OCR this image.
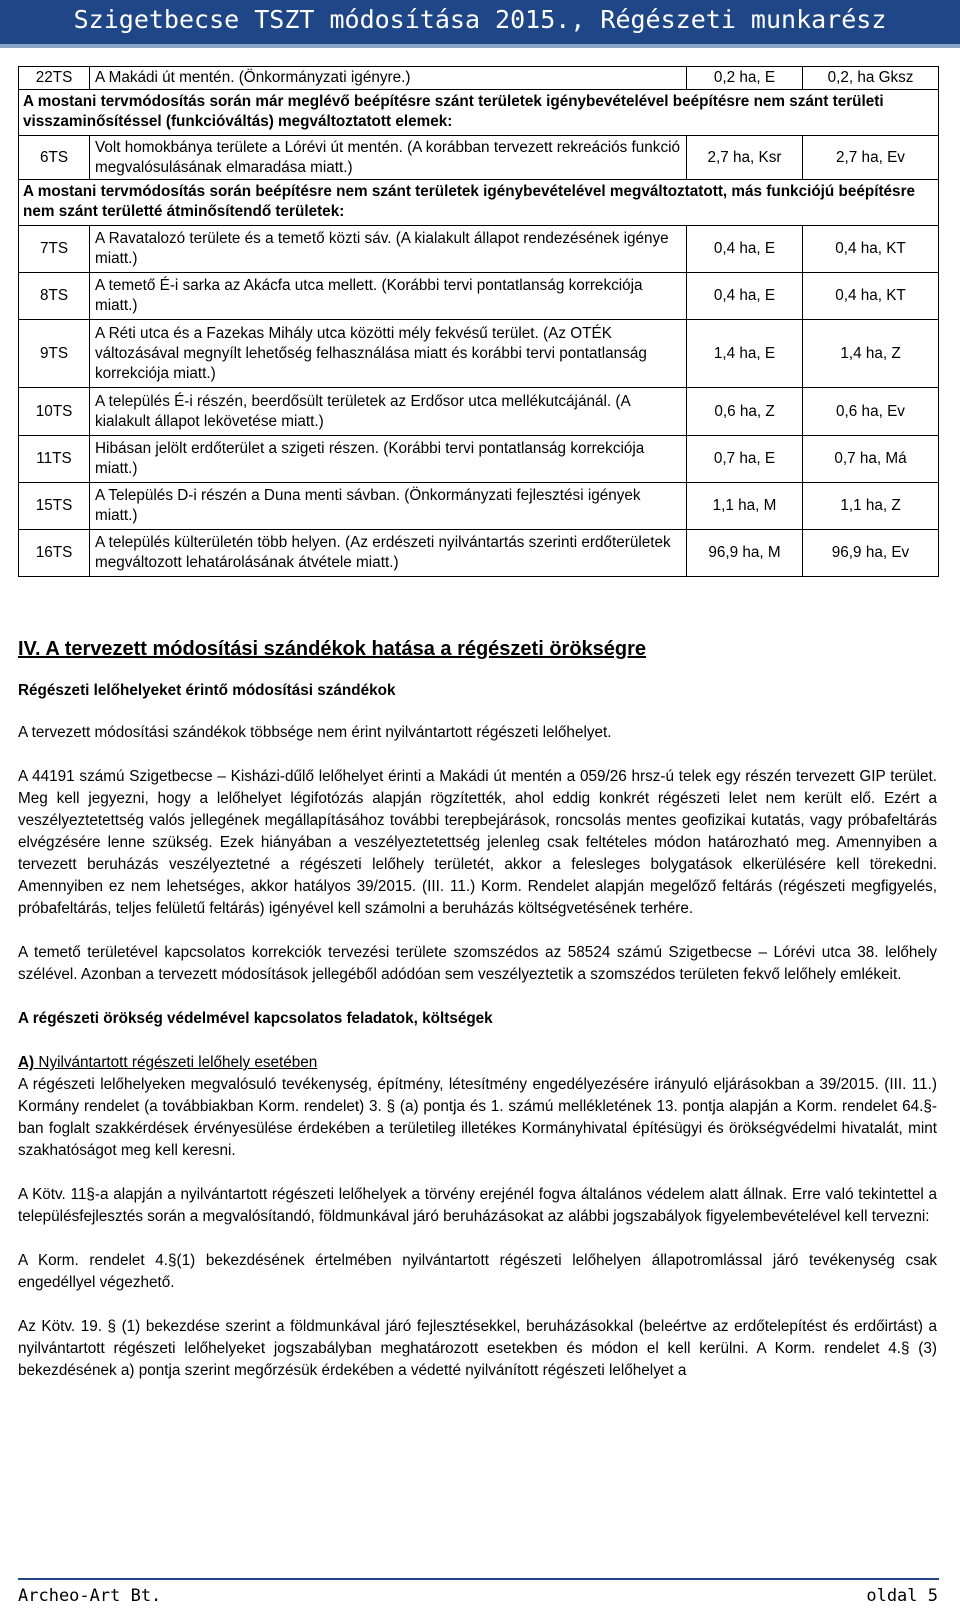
Szigetbecse TSZT módosítása 2015., Régészeti munkarész
22TS	A Makádi út mentén. (Önkormányzati igényre.)	0,2 ha, E	0,2, ha Gksz
A mostani tervmódosítás során már meglévő beépítésre szánt területek igénybevételével beépítésre nem szánt területi visszaminősítéssel (funkcióváltás) megváltoztatott elemek:			
6TS	Volt homokbánya területe a Lórévi út mentén. (A korábban tervezett rekreációs funkció megvalósulásának elmaradása miatt.)	2,7 ha, Ksr	2,7 ha, Ev
A mostani tervmódosítás során beépítésre nem szánt területek igénybevételével megváltoztatott, más funkciójú beépítésre nem szánt területté átminősítendő területek:			
7TS	A Ravatalozó területe és a temető közti sáv. (A kialakult állapot rendezésének igénye miatt.)	0,4 ha, E	0,4 ha, KT
8TS	A temető É-i sarka az Akácfa utca mellett. (Korábbi tervi pontatlanság korrekciója miatt.)	0,4 ha, E	0,4 ha, KT
9TS	A Réti utca és a Fazekas Mihály utca közötti mély fekvésű terület. (Az OTÉK változásával megnyílt lehetőség felhasználása miatt és korábbi tervi pontatlanság korrekciója miatt.)	1,4 ha, E	1,4 ha, Z
10TS	A település É-i részén, beerdősült területek az Erdősor utca mellékutcájánál. (A kialakult állapot lekövetése miatt.)	0,6 ha, Z	0,6 ha, Ev
11TS	Hibásan jelölt erdőterület a szigeti részen. (Korábbi tervi pontatlanság korrekciója miatt.)	0,7 ha, E	0,7 ha, Má
15TS	A Település D-i részén a Duna menti sávban. (Önkormányzati fejlesztési igények miatt.)	1,1 ha, M	1,1 ha, Z
16TS	A település külterületén több helyen. (Az erdészeti nyilvántartás szerinti erdőterületek megváltozott lehatárolásának átvétele miatt.)	96,9 ha, M	96,9 ha, Ev

IV. A tervezett módosítási szándékok hatása a régészeti örökségre

Régészeti lelőhelyeket érintő módosítási szándékok

A tervezett módosítási szándékok többsége nem érint nyilvántartott régészeti lelőhelyet.

A 44191 számú Szigetbecse – Kisházi-dűlő lelőhelyet érinti a Makádi út mentén a 059/26 hrsz-ú telek egy részén tervezett GIP terület. Meg kell jegyezni, hogy a lelőhelyet légifotózás alapján rögzítették, ahol eddig konkrét régészeti lelet nem került elő. Ezért a veszélyeztetettség valós jellegének megállapításához további terepbejárások, roncsolás mentes geofizikai kutatás, vagy próbafeltárás elvégzésére lenne szükség. Ezek hiányában a veszélyeztetettség jelenleg csak feltételes módon határozható meg. Amennyiben a tervezett beruházás veszélyeztetné a régészeti lelőhely területét, akkor a felesleges bolygatások elkerülésére kell törekedni. Amennyiben ez nem lehetséges, akkor hatályos 39/2015. (III. 11.) Korm. Rendelet alapján megelőző feltárás (régészeti megfigyelés, próbafeltárás, teljes felületű feltárás) igényével kell számolni a beruházás költségvetésének terhére.

A temető területével kapcsolatos korrekciók tervezési területe szomszédos az 58524 számú Szigetbecse – Lórévi utca 38. lelőhely szélével. Azonban a tervezett módosítások jellegéből adódóan sem veszélyeztetik a szomszédos területen fekvő lelőhely emlékeit.

A régészeti örökség védelmével kapcsolatos feladatok, költségek

A) Nyilvántartott régészeti lelőhely esetében

A régészeti lelőhelyeken megvalósuló tevékenység, építmény, létesítmény engedélyezésére irányuló eljárásokban a 39/2015. (III. 11.) Kormány rendelet (a továbbiakban Korm. rendelet) 3. § (a) pontja és 1. számú mellékletének 13. pontja alapján a Korm. rendelet 64.§-ban foglalt szakkérdések érvényesülése érdekében a területileg illetékes Kormányhivatal építésügyi és örökségvédelmi hivatalát, mint szakhatóságot meg kell keresni.

A Kötv. 11§-a alapján a nyilvántartott régészeti lelőhelyek a törvény erejénél fogva általános védelem alatt állnak. Erre való tekintettel a településfejlesztés során a megvalósítandó, földmunkával járó beruházásokat az alábbi jogszabályok figyelembevételével kell tervezni:

A Korm. rendelet 4.§(1) bekezdésének értelmében nyilvántartott régészeti lelőhelyen állapotromlással járó tevékenység csak engedéllyel végezhető.

Az Kötv. 19. § (1) bekezdése szerint a földmunkával járó fejlesztésekkel, beruházásokkal (beleértve az erdőtelepítést és erdőirtást) a nyilvántartott régészeti lelőhelyeket jogszabályban meghatározott esetekben és módon el kell kerülni. A Korm. rendelet 4.§ (3) bekezdésének a) pontja szerint megőrzésük érdekében a védetté nyilvánított régészeti lelőhelyet a

Archeo-Art Bt.	oldal 5
